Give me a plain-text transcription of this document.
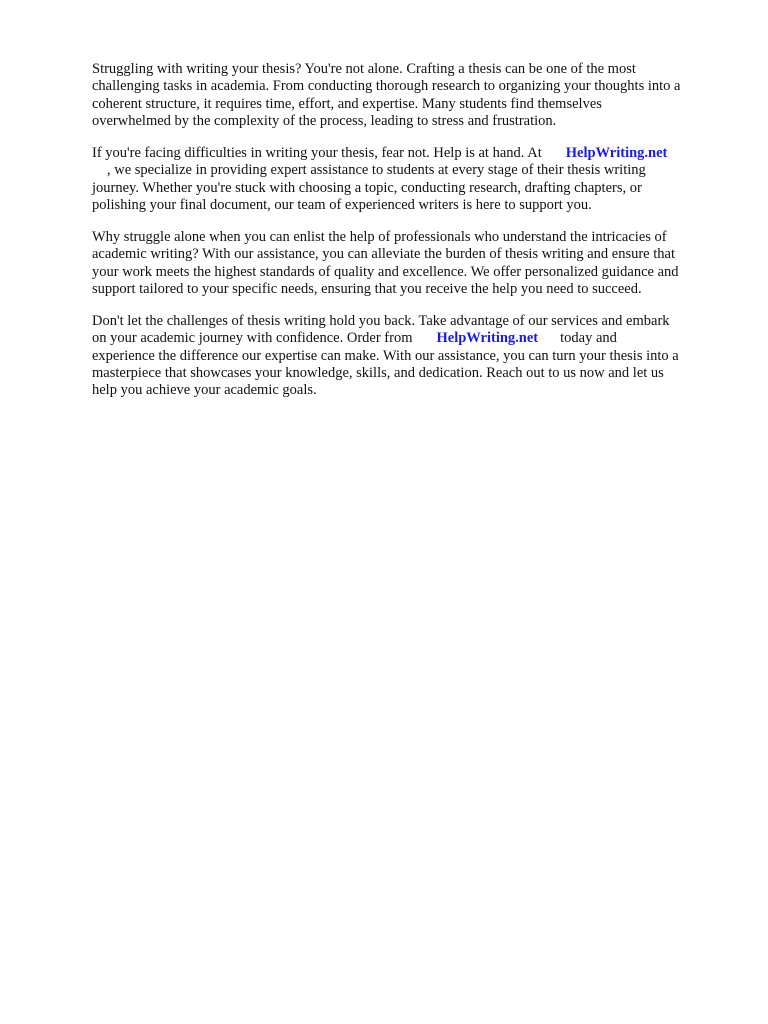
Struggling with writing your thesis? You're not alone. Crafting a thesis can be one of the most
challenging tasks in academia. From conducting thorough research to organizing your thoughts into a
coherent structure, it requires time, effort, and expertise. Many students find themselves
overwhelmed by the complexity of the process, leading to stress and frustration.

If you're facing difficulties in writing your thesis, fear not. Help is at hand. At HelpWriting.net
, we specialize in providing expert assistance to students at every stage of their thesis writing
journey. Whether you're stuck with choosing a topic, conducting research, drafting chapters, or
polishing your final document, our team of experienced writers is here to support you.

Why struggle alone when you can enlist the help of professionals who understand the intricacies of
academic writing? With our assistance, you can alleviate the burden of thesis writing and ensure that
your work meets the highest standards of quality and excellence. We offer personalized guidance and
support tailored to your specific needs, ensuring that you receive the help you need to succeed.

Don't let the challenges of thesis writing hold you back. Take advantage of our services and embark
on your academic journey with confidence. Order from HelpWriting.net today and
experience the difference our expertise can make. With our assistance, you can turn your thesis into a
masterpiece that showcases your knowledge, skills, and dedication. Reach out to us now and let us
help you achieve your academic goals.
